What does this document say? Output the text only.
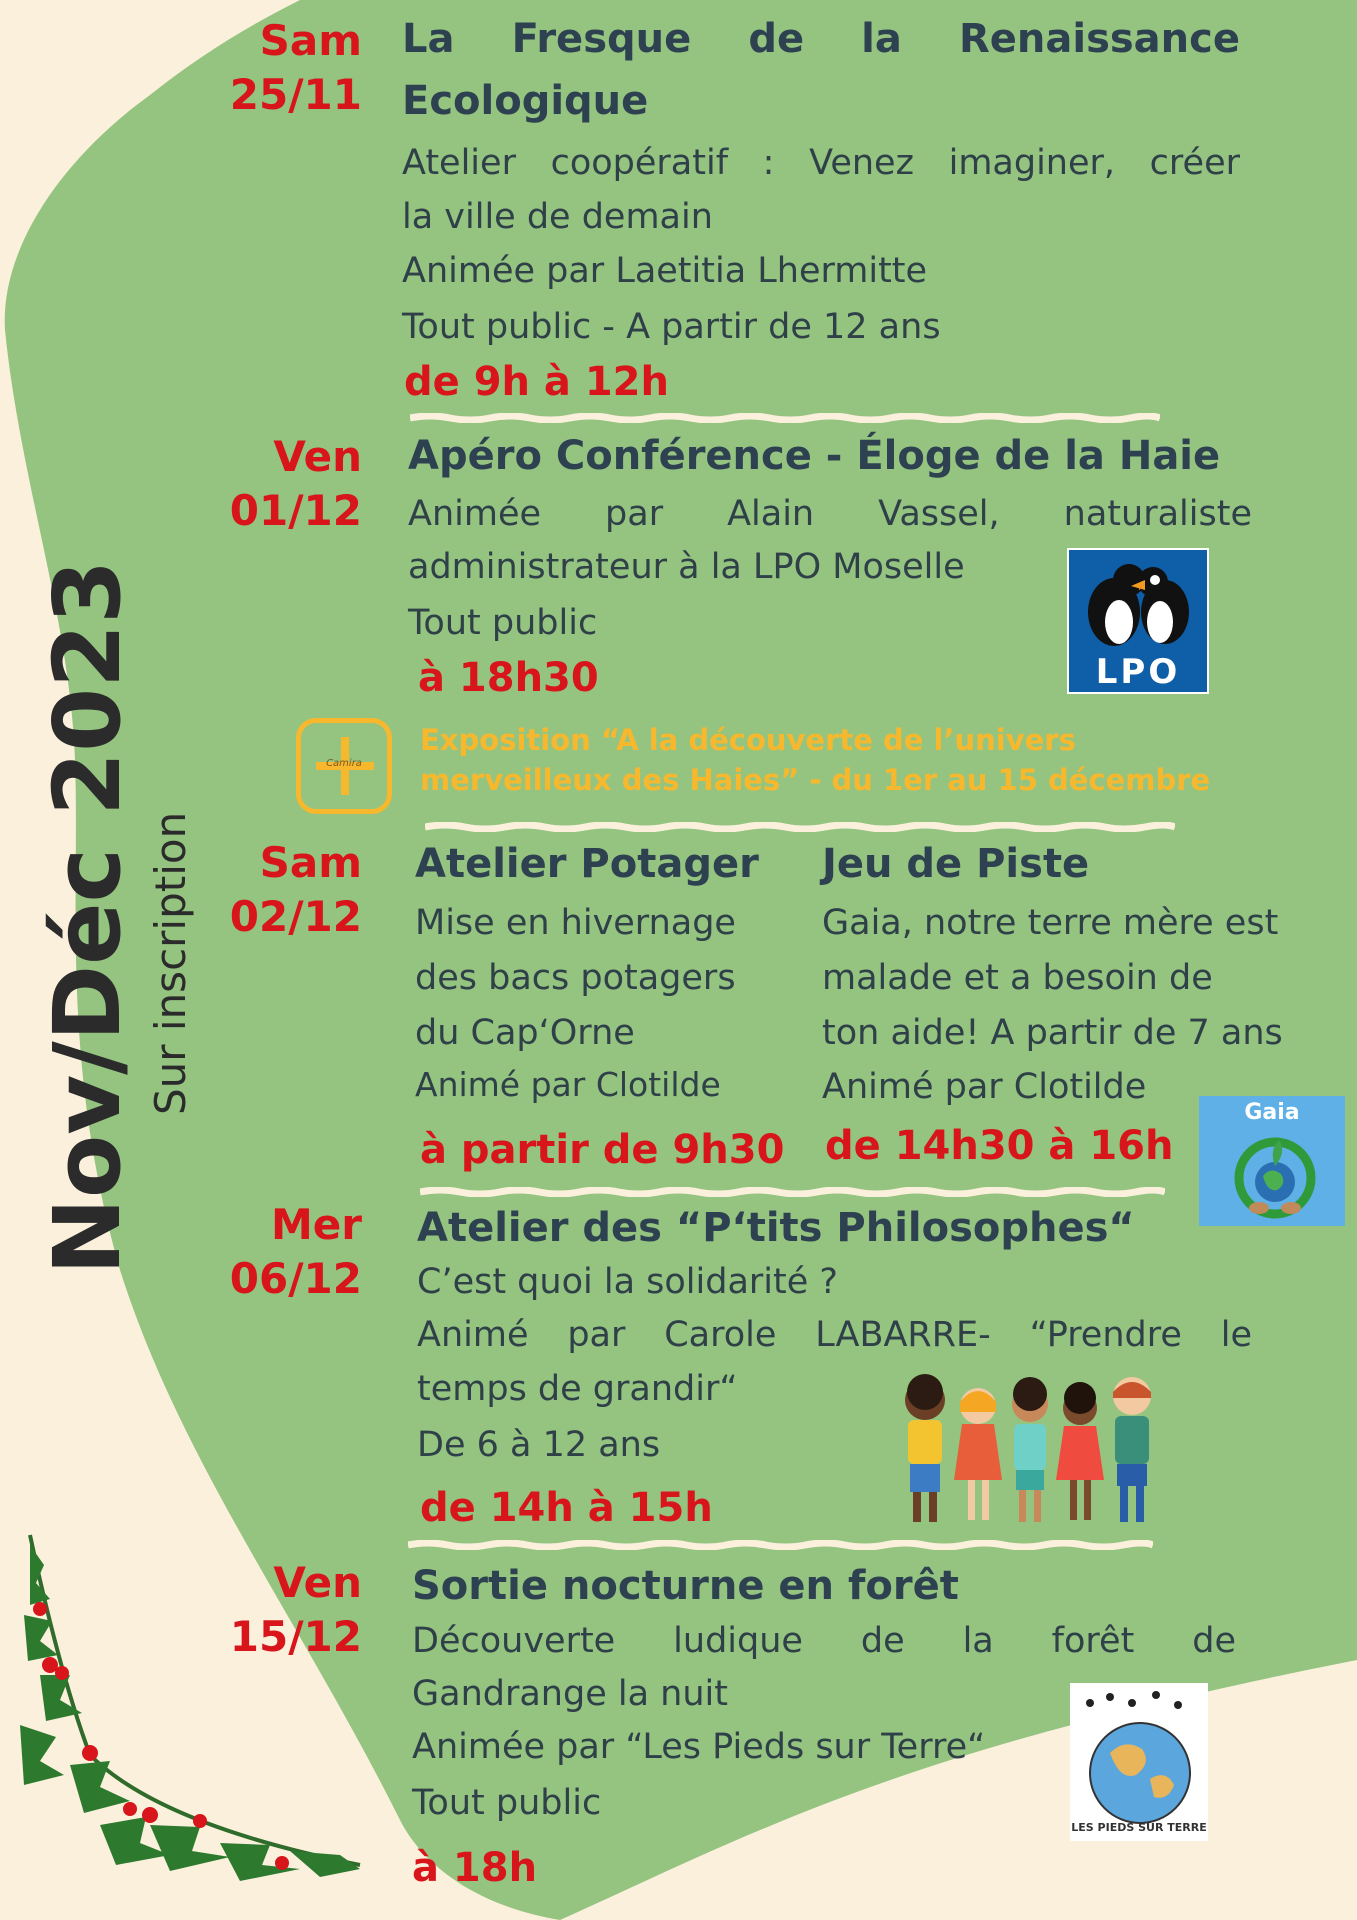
Nov/Déc 2023 Sur inscription
Sam
25/11
La Fresque de la Renaissance
Ecologique
Atelier coopératif : Venez imaginer, créer
la ville de demain
Animée par Laetitia Lhermitte
Tout public - A partir de 12 ans
de 9h à 12h
Ven
01/12
Apéro Conférence - Éloge de la Haie
Animée par Alain Vassel, naturaliste
administrateur à la LPO Moselle
Tout public
à 18h30	LPO
Camira
Exposition “A la découverte de l’univers
merveilleux des Haies” - du 1er au 15 décembre
Sam
02/12
Atelier Potager
Mise en hivernage
des bacs potagers
du Cap‘Orne
Animé par Clotilde
à partir de 9h30
Jeu de Piste
Gaia, notre terre mère est
malade et a besoin de
ton aide! A partir de 7 ans
Animé par Clotilde
de 14h30 à 16h
Gaia
Mer
06/12
Atelier des “P‘tits Philosophes“
C’est quoi la solidarité ?
Animé par Carole LABARRE- “Prendre le
temps de grandir“
De 6 à 12 ans
de 14h à 15h
Ven
15/12
Sortie nocturne en forêt
Découverte ludique de la forêt de
Gandrange la nuit
Animée par “Les Pieds sur Terre“
Tout public
à 18h
LES PIEDS SUR TERRE
